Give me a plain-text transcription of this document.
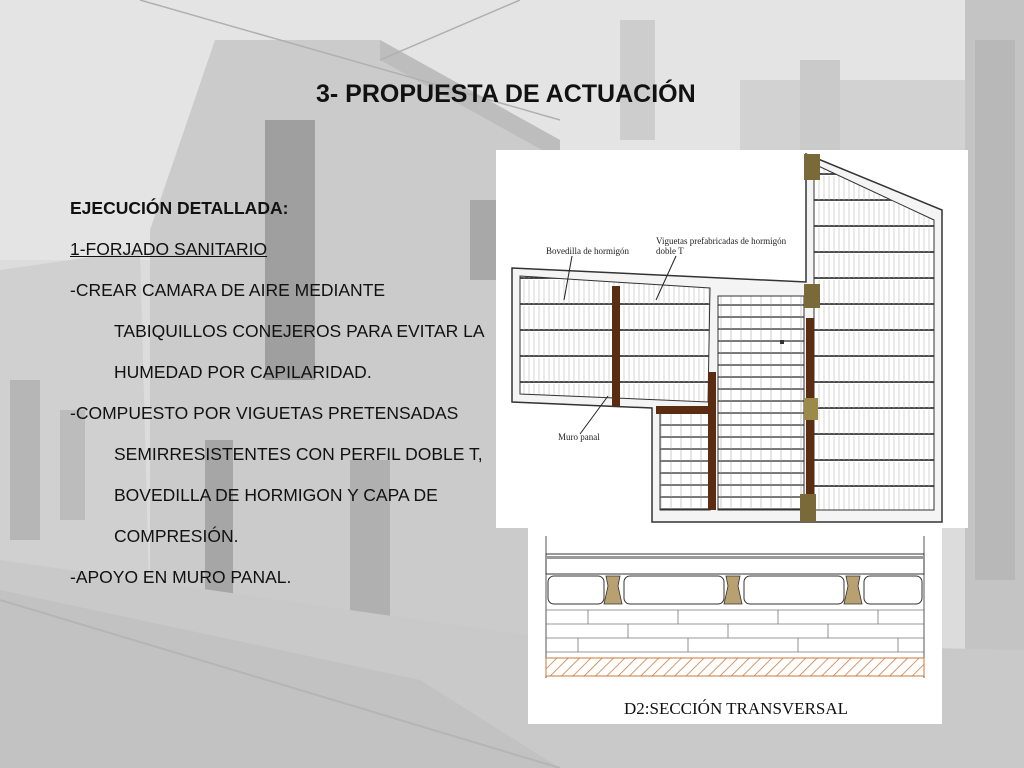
3- PROPUESTA DE ACTUACIÓN

EJECUCIÓN DETALLADA:

1-FORJADO SANITARIO

-CREAR CAMARA DE AIRE MEDIANTE

TABIQUILLOS CONEJEROS PARA EVITAR LA

HUMEDAD POR CAPILARIDAD.

-COMPUESTO POR VIGUETAS PRETENSADAS

SEMIRRESISTENTES CON PERFIL DOBLE T,

BOVEDILLA DE HORMIGON Y CAPA DE

COMPRESIÓN.

-APOYO EN MURO PANAL.

Bovedilla de hormigón
Viguetas prefabricadas de hormigón
doble T
Muro panal
D2:SECCIÓN TRANSVERSAL
